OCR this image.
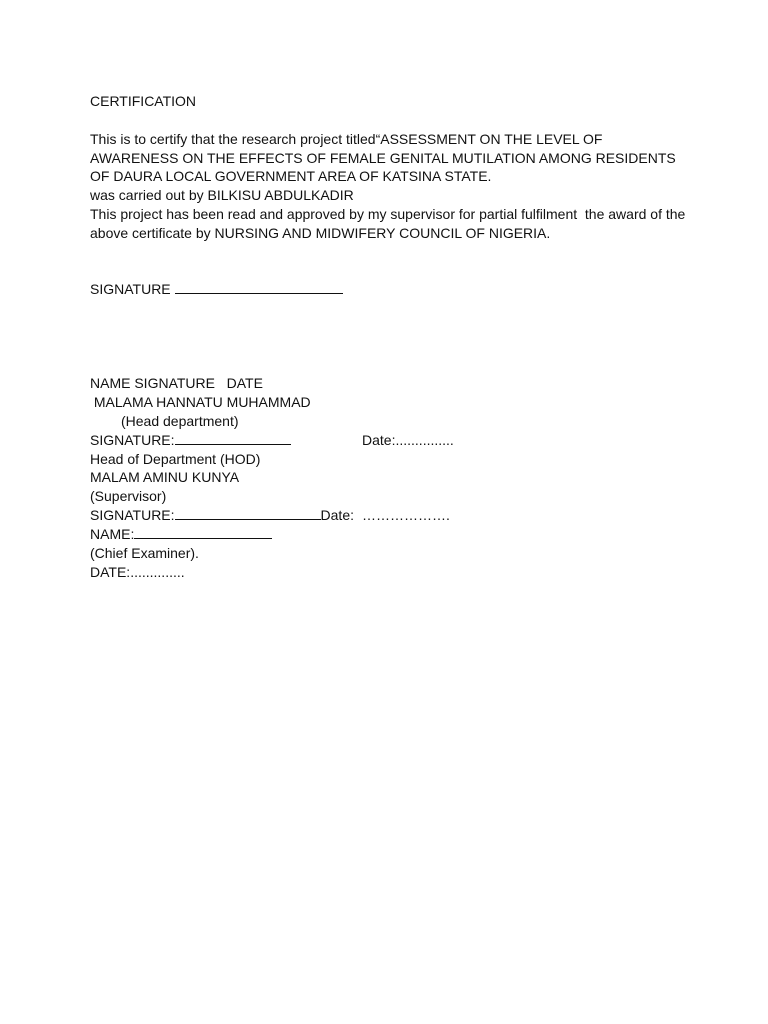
CERTIFICATION
This is to certify that the research project titled“ASSESSMENT ON THE LEVEL OF
AWARENESS ON THE EFFECTS OF FEMALE GENITAL MUTILATION AMONG RESIDENTS
OF DAURA LOCAL GOVERNMENT AREA OF KATSINA STATE.
was carried out by BILKISU ABDULKADIR
This project has been read and approved by my supervisor for partial fulfilment  the award of the
above certificate by NURSING AND MIDWIFERY COUNCIL OF NIGERIA.
SIGNATURE
NAME SIGNATURE   DATE
MALAMA HANNATU MUHAMMAD
(Head department)
SIGNATURE:	Date:...............
Head of Department (HOD)
MALAM AMINU KUNYA
(Supervisor)
SIGNATURE:	Date: ……………….
NAME:
(Chief Examiner).
DATE:..............
